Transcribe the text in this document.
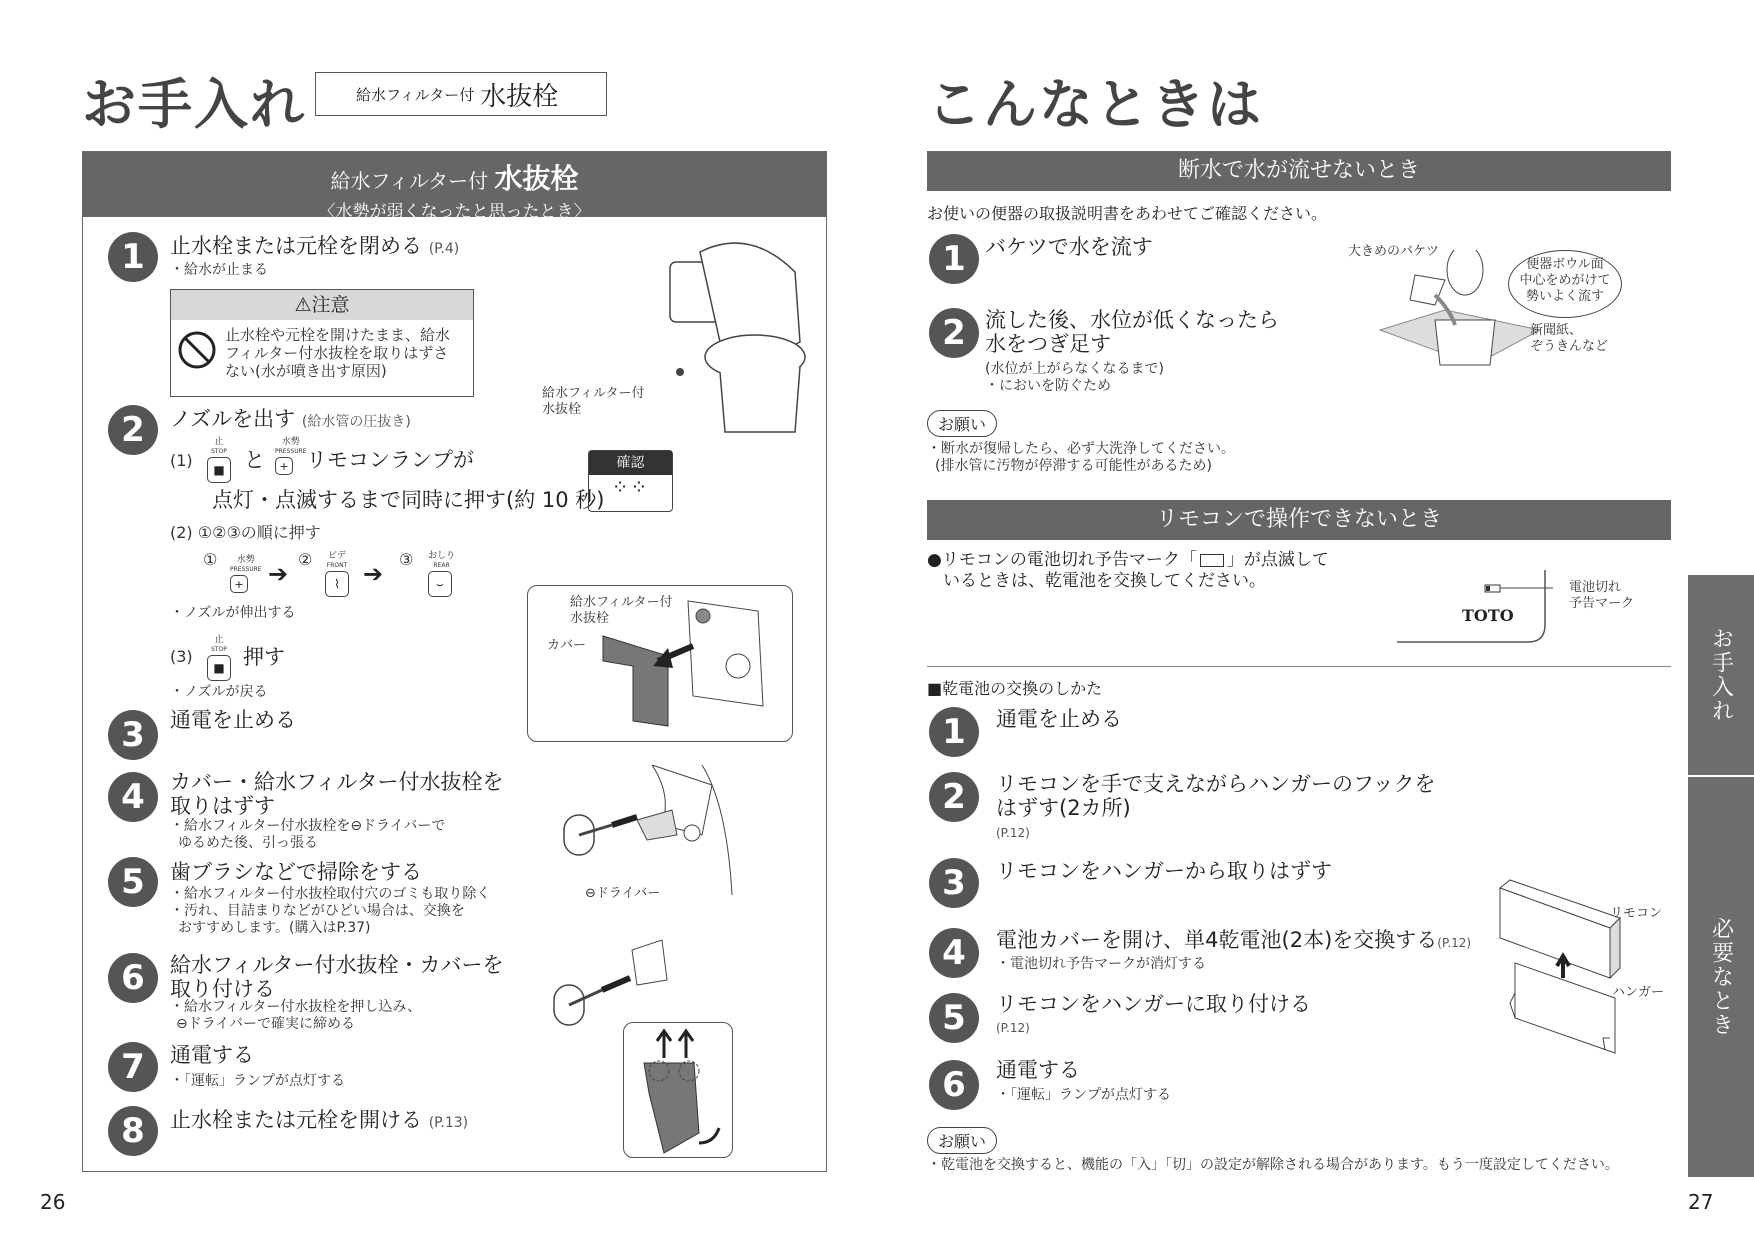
お手入れ	給水フィルター付 水抜栓
給水フィルター付 水抜栓
〈水勢が弱くなったと思ったとき〉
1	止水栓または元栓を閉める (P.4)
・給水が止まる
⚠注意
止水栓や元栓を開けたまま、給水
フィルター付水抜栓を取りはずさ
ない(水が噴き出す原因)
給水フィルター付
水抜栓
2	ノズルを出す (給水管の圧抜き)
(1)
止
STOP
■ と
水勢
PRESSURE
+ リモコンランプが
点灯・点滅するまで同時に押す(約 10 秒)
確認
⁘⁘
(2) ①②③の順に押す
①	水勢
PRESSURE
+ ➔
②	ビデ
FRONT
⌇ ➔
③ おしり
REAR
⌣
・ノズルが伸出する
(3)
止
STOP
■ 押す
・ノズルが戻る
給水フィルター付
水抜栓
カバー
3	通電を止める
4	カバー・給水フィルター付水抜栓を
取りはずす
・給水フィルター付水抜栓を⊖ドライバーで
ゆるめた後、引っ張る
⊖ドライバー
5	歯ブラシなどで掃除をする
・給水フィルター付水抜栓取付穴のゴミも取り除く
・汚れ、目詰まりなどがひどい場合は、交換を
おすすめします。(購入はP.37)
6	給水フィルター付水抜栓・カバーを
取り付ける
・給水フィルター付水抜栓を押し込み、
⊖ドライバーで確実に締める
7	通電する
・「運転」ランプが点灯する
8	止水栓または元栓を開ける (P.13)
26
こんなときは
断水で水が流せないとき
お使いの便器の取扱説明書をあわせてご確認ください。
1 バケツで水を流す
2 流した後、水位が低くなったら
水をつぎ足す
(水位が上がらなくなるまで)
・においを防ぐため
大きめのバケツ
便器ボウル面
中心をめがけて
勢いよく流す
新聞紙、
ぞうきんなど
お願い
・断水が復帰したら、必ず大洗浄してください。
(排水管に汚物が停滞する可能性があるため)
リモコンで操作できないとき
●リモコンの電池切れ予告マーク「 」が点滅して
いるときは、乾電池を交換してください。
TOTO
電池切れ
予告マーク
■乾電池の交換のしかた
1	通電を止める
2	リモコンを手で支えながらハンガーのフックを
はずす(2カ所)
(P.12)
3	リモコンをハンガーから取りはずす
4	電池カバーを開け、単4乾電池(2本)を交換する(P.12)
・電池切れ予告マークが消灯する
5	リモコンをハンガーに取り付ける
(P.12)
6	通電する
・「運転」ランプが点灯する
リモコン
ハンガー
お願い
・乾電池を交換すると、機能の「入」「切」の設定が解除される場合があります。もう一度設定してください。
お手入れ
必要なとき
27
